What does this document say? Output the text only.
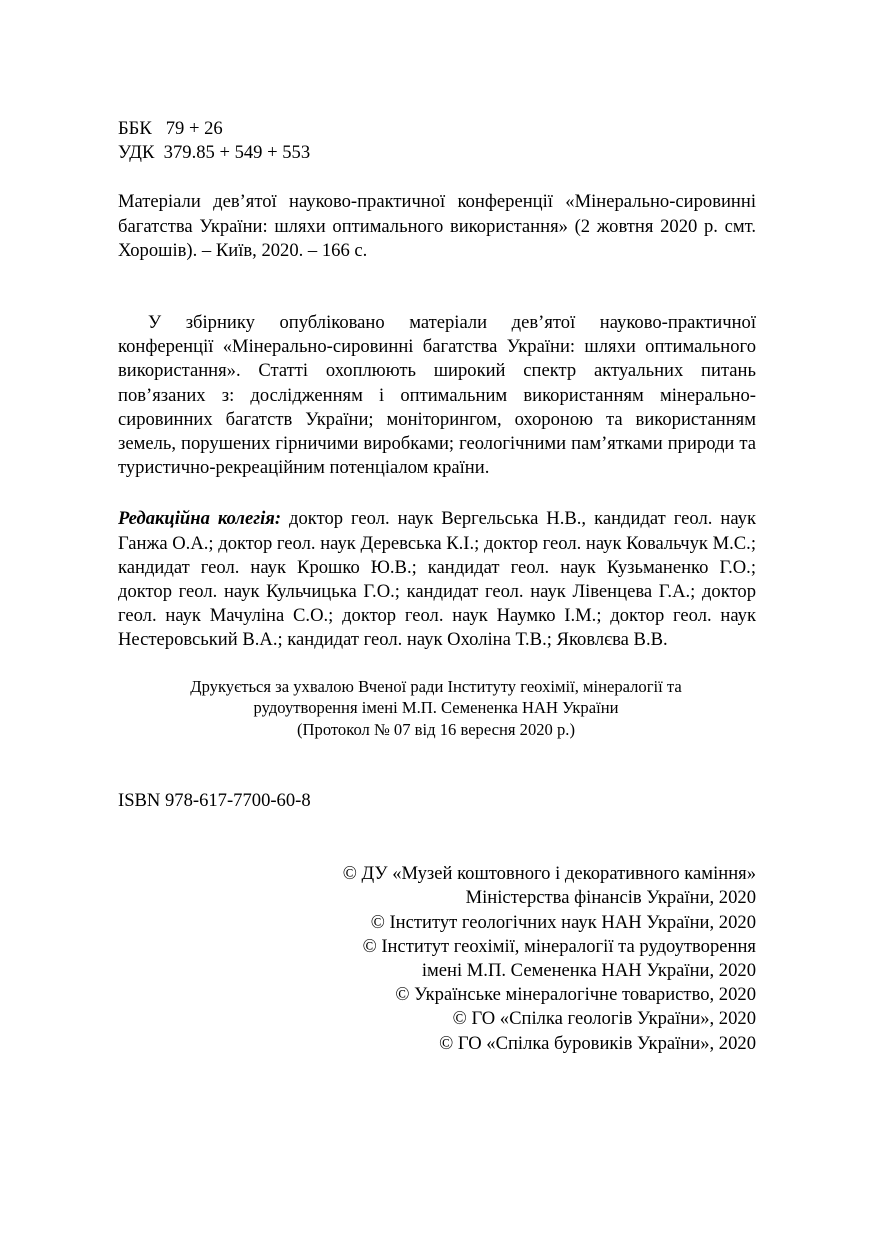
ББК 79 + 26
УДК 379.85 + 549 + 553
Матеріали дев’ятої науково-практичної конференції «Мінерально-сировинні багатства України: шляхи оптимального використання» (2 жовтня 2020 р. смт. Хорошів). – Київ, 2020. – 166 с.
У збірнику опубліковано матеріали дев’ятої науково-практичної конференції «Мінерально-сировинні багатства України: шляхи оптимального використання». Статті охоплюють широкий спектр актуальних питань пов’язаних з: дослідженням і оптимальним використанням мінерально-сировинних багатств України; моніторингом, охороною та використанням земель, порушених гірничими виробками; геологічними пам’ятками природи та туристично-рекреаційним потенціалом країни.
Редакційна колегія: доктор геол. наук Вергельська Н.В., кандидат геол. наук Ганжа О.А.; доктор геол. наук Деревська К.І.; доктор геол. наук Ковальчук М.С.; кандидат геол. наук Крошко Ю.В.; кандидат геол. наук Кузьманенко Г.О.; доктор геол. наук Кульчицька Г.О.; кандидат геол. наук Лівенцева Г.А.; доктор геол. наук Мачуліна С.О.; доктор геол. наук Наумко І.М.; доктор геол. наук Нестеровський В.А.; кандидат геол. наук Охоліна Т.В.; Яковлєва В.В.
Друкується за ухвалою Вченої ради Інституту геохімії, мінералогії та
рудоутворення імені М.П. Семененка НАН України
(Протокол № 07 від 16 вересня 2020 р.)
ISBN 978-617-7700-60-8
© ДУ «Музей коштовного і декоративного каміння»
Міністерства фінансів України, 2020
© Інститут геологічних наук НАН України, 2020
© Інститут геохімії, мінералогії та рудоутворення
імені М.П. Семененка НАН України, 2020
© Українське мінералогічне товариство, 2020
© ГО «Спілка геологів України», 2020
© ГО «Спілка буровиків України», 2020
